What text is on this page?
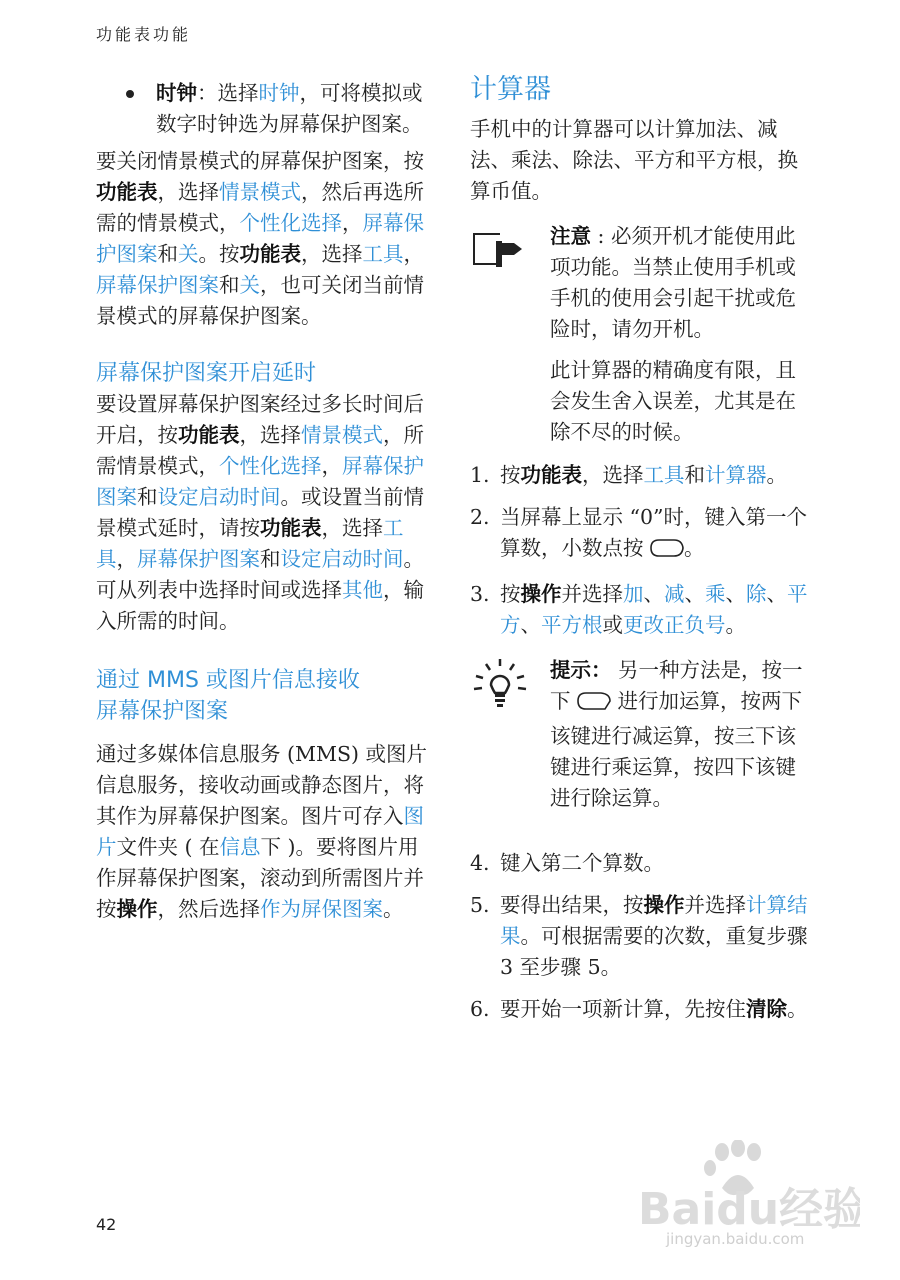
功能表功能
时钟：选择时钟，可将模拟或数字时钟选为屏幕保护图案。

要关闭情景模式的屏幕保护图案，按功能表，选择情景模式，然后再选所需的情景模式，个性化选择，屏幕保护图案和关。按功能表，选择工具，屏幕保护图案和关，也可关闭当前情景模式的屏幕保护图案。

屏幕保护图案开启延时

要设置屏幕保护图案经过多长时间后开启，按功能表，选择情景模式，所需情景模式，个性化选择，屏幕保护图案和设定启动时间。或设置当前情景模式延时，请按功能表，选择工具，屏幕保护图案和设定启动时间。可从列表中选择时间或选择其他，输入所需的时间。

通过 MMS 或图片信息接收
屏幕保护图案

通过多媒体信息服务 (MMS) 或图片信息服务，接收动画或静态图片，将其作为屏幕保护图案。图片可存入图片文件夹 ( 在信息下 )。要将图片用作屏幕保护图案，滚动到所需图片并按操作，然后选择作为屏保图案。

计算器

手机中的计算器可以计算加法、减法、乘法、除法、平方和平方根，换算币值。

注意 : 必须开机才能使用此项功能。当禁止使用手机或手机的使用会引起干扰或危险时，请勿开机。

此计算器的精确度有限，且会发生舍入误差，尤其是在除不尽的时候。

1. 按功能表，选择工具和计算器。
2. 当屏幕上显示 “0”时，键入第一个算数，小数点按
。
3. 按操作并选择加、减、乘、除、平方、平方根或更改正负号。

提示： 另一种方法是，按一下
进行加运算，按两下该键进行减运算，按三下该键进行乘运算，按四下该键进行除运算。

4. 键入第二个算数。
5. 要得出结果，按操作并选择计算结果。可根据需要的次数，重复步骤 3 至步骤 5。
6. 要开始一项新计算，先按住清除。
42	Baidu经验
jingyan.baidu.com
